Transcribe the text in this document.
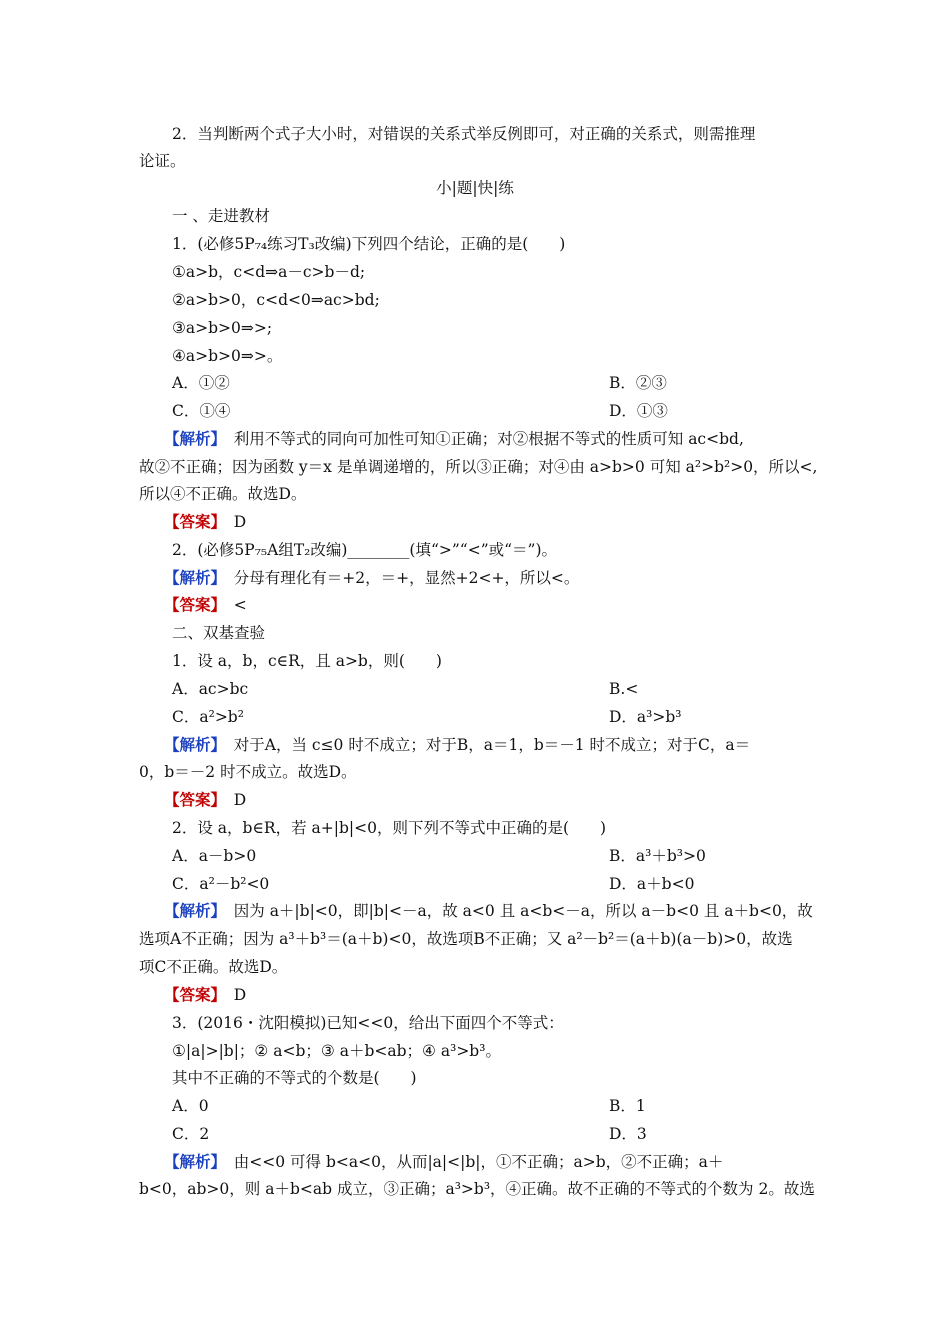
2．当判断两个式子大小时，对错误的关系式举反例即可，对正确的关系式，则需推理
论证。
小|题|快|练
一 、走进教材
1．(必修5P₇₄练习T₃改编)下列四个结论，正确的是(　　)
①a>b，c<d⇒a－c>b－d;
②a>b>0，c<d<0⇒ac>bd;
③a>b>0⇒>;
④a>b>0⇒>。
A．①②	B．②③
C．①④	D．①③
【解析】　利用不等式的同向可加性可知①正确；对②根据不等式的性质可知 ac<bd,
故②不正确；因为函数 y＝x 是单调递增的，所以③正确；对④由 a>b>0 可知 a²>b²>0，所以<,
所以④不正确。故选D。
【答案】　D
2．(必修5P₇₅A组T₂改编)________(填“>”“<”或“＝”)。
【解析】　分母有理化有＝+2，＝+，显然+2<+，所以<。
【答案】　<
二、双基查验
1．设 a，b，c∈R，且 a>b，则(　　)
A．ac>bc	B.<
C．a²>b²	D．a³>b³
【解析】　对于A，当 c≤0 时不成立；对于B，a＝1，b＝－1 时不成立；对于C，a＝
0，b＝－2 时不成立。故选D。
【答案】　D
2．设 a，b∈R，若 a+|b|<0，则下列不等式中正确的是(　　)
A．a－b>0	B．a³＋b³>0
C．a²－b²<0	D．a＋b<0
【解析】　因为 a＋|b|<0，即|b|<－a，故 a<0 且 a<b<－a，所以 a－b<0 且 a＋b<0，故
选项A不正确；因为 a³＋b³＝(a＋b)<0，故选项B不正确；又 a²－b²＝(a＋b)(a－b)>0，故选
项C不正确。故选D。
【答案】　D
3．(2016・沈阳模拟)已知<<0，给出下面四个不等式：
①|a|>|b|；② a<b；③ a＋b<ab；④ a³>b³。
其中不正确的不等式的个数是(　　)
A．0	B．1
C．2	D．3
【解析】　由<<0 可得 b<a<0，从而|a|<|b|，①不正确；a>b，②不正确；a＋
b<0，ab>0，则 a＋b<ab 成立，③正确；a³>b³，④正确。故不正确的不等式的个数为 2。故选
